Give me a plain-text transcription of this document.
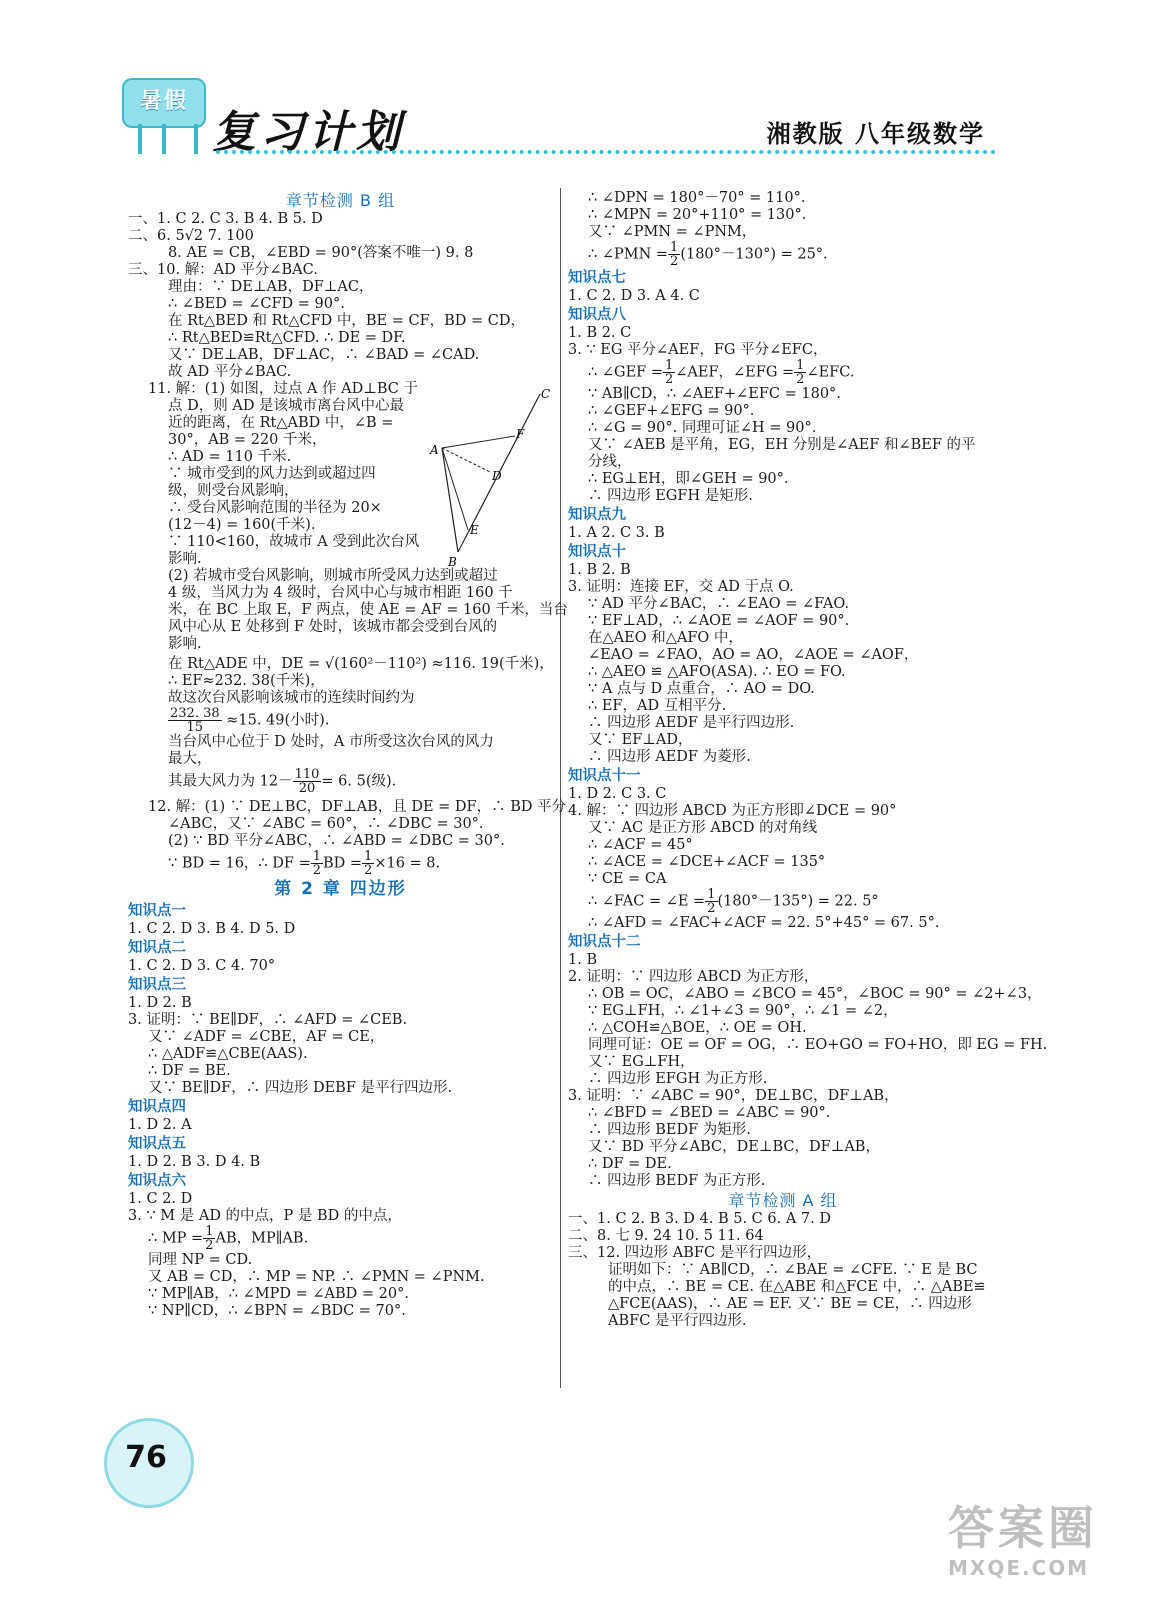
暑假
复习计划	湘教版 八年级数学
章节检测 B 组
一、1. C 2. C 3. B 4. B 5. D
二、6. 5√2 7. 100
8. AE = CB，∠EBD = 90°(答案不唯一) 9. 8
三、10. 解：AD 平分∠BAC.
理由：∵ DE⊥AB，DF⊥AC，
∴ ∠BED = ∠CFD = 90°.
在 Rt△BED 和 Rt△CFD 中，BE = CF，BD = CD，
∴ Rt△BED≌Rt△CFD. ∴ DE = DF.
又∵ DE⊥AB，DF⊥AC，∴ ∠BAD = ∠CAD.
故 AD 平分∠BAC.
11. 解：(1) 如图，过点 A 作 AD⊥BC 于
点 D，则 AD 是该城市离台风中心最
近的距离，在 Rt△ABD 中，∠B =
30°，AB = 220 千米，
∴ AD = 110 千米.
∵ 城市受到的风力达到或超过四
级，则受台风影响，
∴ 受台风影响范围的半径为 20×
(12－4) = 160(千米).
∵ 110<160，故城市 A 受到此次台风
影响.
(2) 若城市受台风影响，则城市所受风力达到或超过
4 级，当风力为 4 级时，台风中心与城市相距 160 千
米，在 BC 上取 E，F 两点，使 AE = AF = 160 千米，当台
风中心从 E 处移到 F 处时，该城市都会受到台风的
影响.
在 Rt△ADE 中，DE = √(160²－110²) ≈116. 19(千米)，
∴ EF≈232. 38(千米)，
故这次台风影响该城市的连续时间约为
$\frac{232. 38}{15} \approx 15$. 49(小时).
当台风中心位于 D 处时，A 市所受这次台风的风力
最大，
其最大风力为 $12- \frac{110}{20} = 6$. 5(级).
12. 解：(1) ∵ DE⊥BC，DF⊥AB，且 DE = DF，∴ BD 平分
∠ABC，又∵ ∠ABC = 60°，∴ ∠DBC = 30°.
(2) ∵ BD 平分∠ABC，∴ ∠ABD = ∠DBC = 30°.
∵ BD = 16，∴ DF = $\frac{1}{2}$ BD = $\frac{1}{2} \times 16 = 8$.
第 2 章 四边形
知识点一
1. C 2. D 3. B 4. D 5. D
知识点二
1. C 2. D 3. C 4. 70°
知识点三
1. D 2. B
3. 证明：∵ BE∥DF，∴ ∠AFD = ∠CEB.
又∵ ∠ADF = ∠CBE，AF = CE，
∴ △ADF≌△CBE(AAS).
∴ DF = BE.
又∵ BE∥DF，∴ 四边形 DEBF 是平行四边形.
知识点四
1. D 2. A
知识点五
1. D 2. B 3. D 4. B
知识点六
1. C 2. D
3. ∵ M 是 AD 的中点，P 是 BD 的中点，
∴ MP = $\frac{1}{2}$ AB，MP∥AB.
同理 NP = CD.
又 AB = CD，∴ MP = NP. ∴ ∠PMN = ∠PNM.
∵ MP∥AB，∴ ∠MPD = ∠ABD = 20°.
∵ NP∥CD，∴ ∠BPN = ∠BDC = 70°.
A
B
C
D
E
F
∴ ∠DPN = 180°－70° = 110°.
∴ ∠MPN = 20°+110° = 130°.
又∵ ∠PMN = ∠PNM，
∴ ∠PMN = $\frac{1}{2} (180^\circ-130^\circ) = 25^\circ$.
知识点七
1. C 2. D 3. A 4. C
知识点八
1. B 2. C
3. ∵ EG 平分∠AEF，FG 平分∠EFC，
∴ ∠GEF = $\frac{1}{2}$ ∠AEF，∠EFG = $\frac{1}{2}$ ∠EFC.
∵ AB∥CD，∴ ∠AEF+∠EFC = 180°.
∴ ∠GEF+∠EFG = 90°.
∴ ∠G = 90°. 同理可证∠H = 90°.
又∵ ∠AEB 是平角，EG，EH 分别是∠AEF 和∠BEF 的平
分线，
∴ EG⊥EH，即∠GEH = 90°.
∴ 四边形 EGFH 是矩形.
知识点九
1. A 2. C 3. B
知识点十
1. B 2. B
3. 证明：连接 EF，交 AD 于点 O.
∵ AD 平分∠BAC，∴ ∠EAO = ∠FAO.
∵ EF⊥AD，∴ ∠AOE = ∠AOF = 90°.
在△AEO 和△AFO 中，
∠EAO = ∠FAO，AO = AO，∠AOE = ∠AOF，
∴ △AEO ≌ △AFO(ASA). ∴ EO = FO.
∵ A 点与 D 点重合，∴ AO = DO.
∴ EF，AD 互相平分.
∴ 四边形 AEDF 是平行四边形.
又∵ EF⊥AD，
∴ 四边形 AEDF 为菱形.
知识点十一
1. D 2. C 3. C
4. 解：∵ 四边形 ABCD 为正方形即∠DCE = 90°
又∵ AC 是正方形 ABCD 的对角线
∴ ∠ACF = 45°
∴ ∠ACE = ∠DCE+∠ACF = 135°
∵ CE = CA
∴ ∠FAC = ∠E = $\frac{1}{2} (180^\circ-135^\circ) = 22$. 5°
∴ ∠AFD = ∠FAC+∠ACF = 22. 5°+45° = 67. 5°.
知识点十二
1. B
2. 证明：∵ 四边形 ABCD 为正方形，
∴ OB = OC，∠ABO = ∠BCO = 45°，∠BOC = 90° = ∠2+∠3，
∵ EG⊥FH，∴ ∠1+∠3 = 90°，∴ ∠1 = ∠2，
∴ △COH≌△BOE，∴ OE = OH.
同理可证：OE = OF = OG，∴ EO+GO = FO+HO，即 EG = FH.
又∵ EG⊥FH，
∴ 四边形 EFGH 为正方形.
3. 证明：∵ ∠ABC = 90°，DE⊥BC，DF⊥AB，
∴ ∠BFD = ∠BED = ∠ABC = 90°.
∴ 四边形 BEDF 为矩形.
又∵ BD 平分∠ABC，DE⊥BC，DF⊥AB，
∴ DF = DE.
∴ 四边形 BEDF 为正方形.
章节检测 A 组
一、1. C 2. B 3. D 4. B 5. C 6. A 7. D
二、8. 七 9. 24 10. 5 11. 64
三、12. 四边形 ABFC 是平行四边形，
证明如下：∵ AB∥CD，∴ ∠BAE = ∠CFE. ∵ E 是 BC
的中点，∴ BE = CE. 在△ABE 和△FCE 中，∴ △ABE≌
△FCE(AAS)，∴ AE = EF. 又∵ BE = CE，∴ 四边形
ABFC 是平行四边形.
76
答案圈
MXQE.COM
